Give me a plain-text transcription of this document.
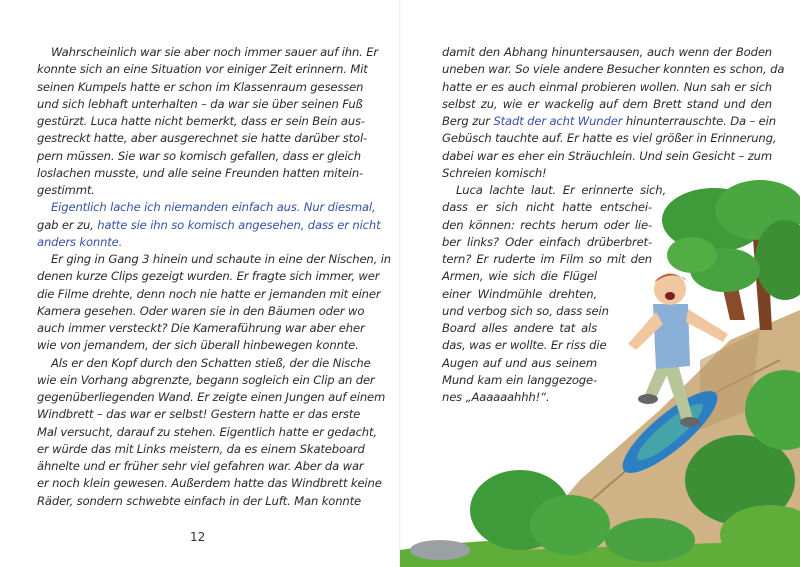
Wahrscheinlich war sie aber noch immer sauer auf ihn. Er
konnte sich an eine Situation vor einiger Zeit erinnern. Mit
seinen Kumpels hatte er schon im Klassenraum gesessen
und sich lebhaft unterhalten – da war sie über seinen Fuß
gestürzt. Luca hatte nicht bemerkt, dass er sein Bein aus-
gestreckt hatte, aber ausgerechnet sie hatte darüber stol-
pern müssen. Sie war so komisch gefallen, dass er gleich
loslachen musste, und alle seine Freunden hatten mitein-
gestimmt.
Eigentlich lache ich niemanden einfach aus. Nur diesmal,
gab er zu, hatte sie ihn so komisch angesehen, dass er nicht
anders konnte.
Er ging in Gang 3 hinein und schaute in eine der Nischen, in
denen kurze Clips gezeigt wurden. Er fragte sich immer, wer
die Filme drehte, denn noch nie hatte er jemanden mit einer
Kamera gesehen. Oder waren sie in den Bäumen oder wo
auch immer versteckt? Die Kameraführung war aber eher
wie von jemandem, der sich überall hinbewegen konnte.
Als er den Kopf durch den Schatten stieß, der die Nische
wie ein Vorhang abgrenzte, begann sogleich ein Clip an der
gegenüberliegenden Wand. Er zeigte einen Jungen auf einem
Windbrett – das war er selbst! Gestern hatte er das erste
Mal versucht, darauf zu stehen. Eigentlich hatte er gedacht,
er würde das mit Links meistern, da es einem Skateboard
ähnelte und er früher sehr viel gefahren war. Aber da war
er noch klein gewesen. Außerdem hatte das Windbrett keine
Räder, sondern schwebte einfach in der Luft. Man konnte
12
damit den Abhang hinuntersausen, auch wenn der Boden
uneben war. So viele andere Besucher konnten es schon, da
hatte er es auch einmal probieren wollen. Nun sah er sich
selbst zu, wie er wackelig auf dem Brett stand und den
Berg zur Stadt der acht Wunder hinunterrauschte. Da – ein
Gebüsch tauchte auf. Er hatte es viel größer in Erinnerung,
dabei war es eher ein Sträuchlein. Und sein Gesicht – zum
Schreien komisch!
Luca lachte laut. Er erinnerte sich,
dass er sich nicht hatte entschei-
den können: rechts herum oder lie-
ber links? Oder einfach drüberbret-
tern? Er ruderte im Film so mit den
Armen, wie sich die Flügel
einer Windmühle drehten,
und verbog sich so, dass sein
Board alles andere tat als
das, was er wollte. Er riss die
Augen auf und aus seinem
Mund kam ein langgezoge-
nes „Aaaaaahhh!“.
